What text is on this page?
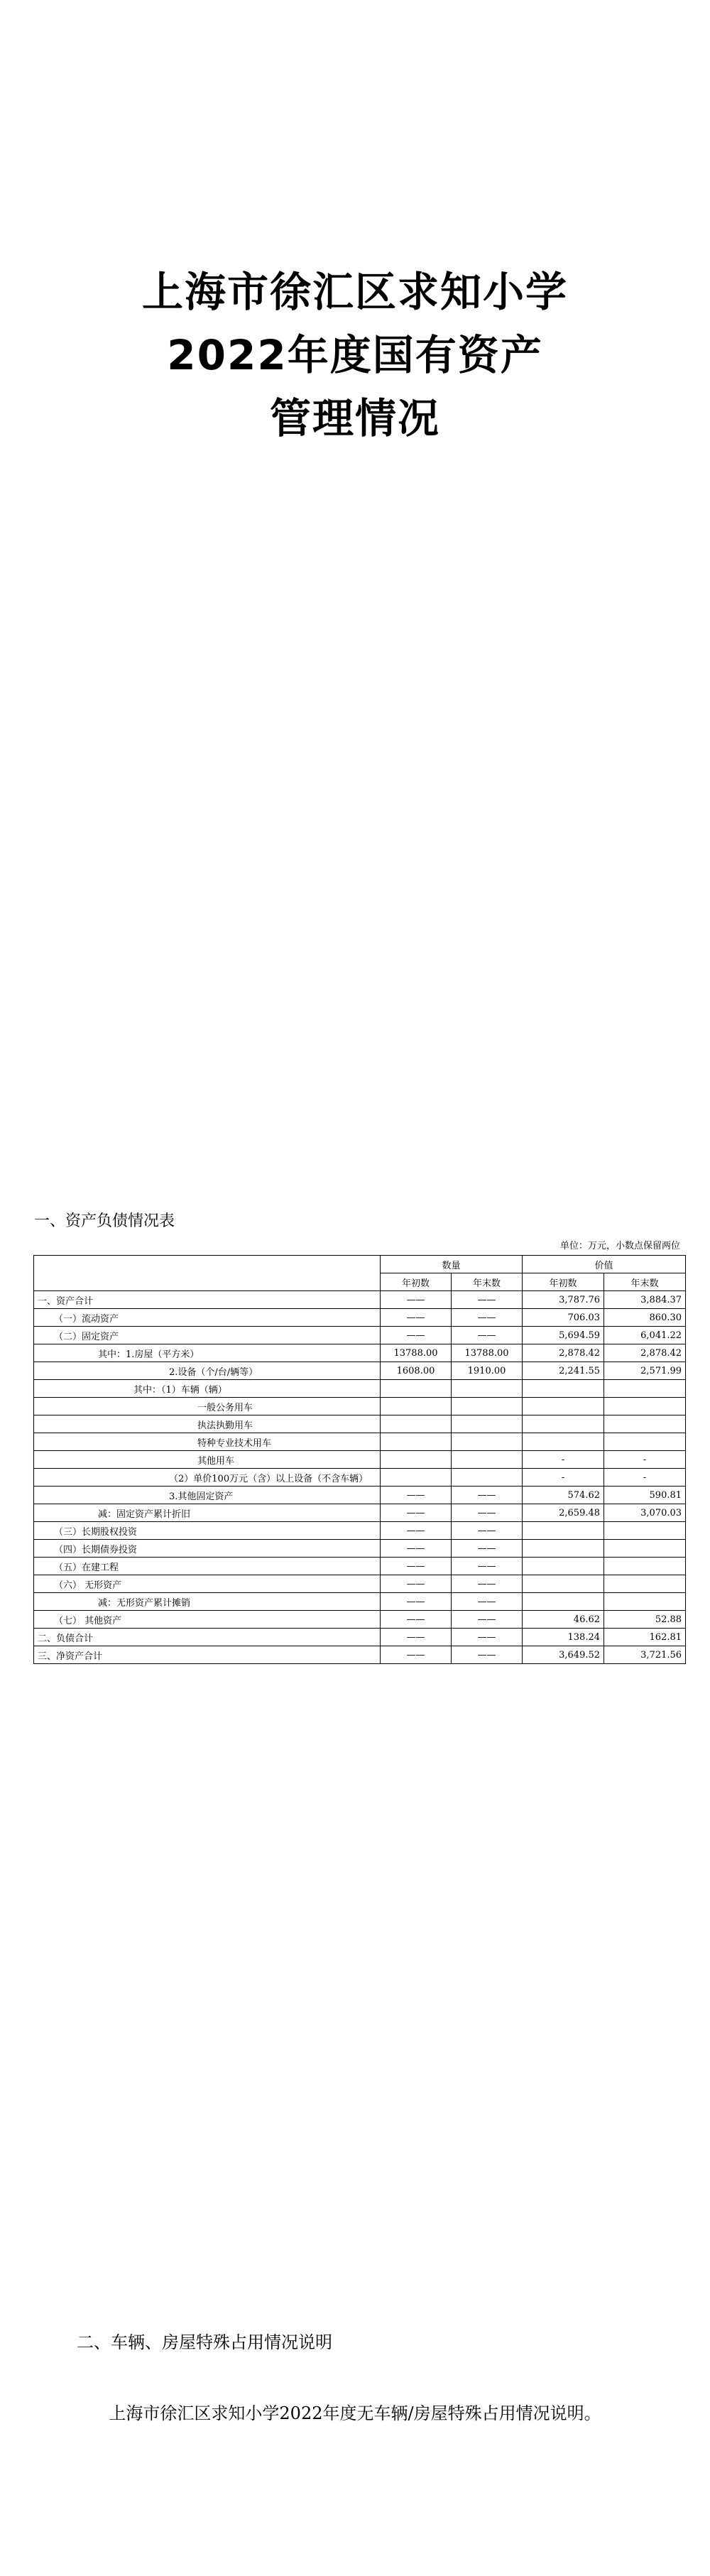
上海市徐汇区求知小学
2022年度国有资产
管理情况
一、资产负债情况表
单位：万元，小数点保留两位
	数量		价值	
	年初数	年末数	年初数	年末数
一、资产合计	——	——	3,787.76	3,884.37
（一）流动资产	——	——	706.03	860.30
（二）固定资产	——	——	5,694.59	6,041.22
其中：1.房屋（平方米）	13788.00	13788.00	2,878.42	2,878.42
2.设备（个/台/辆等）	1608.00	1910.00	2,241.55	2,571.99
其中：（1）车辆（辆）				
一般公务用车				
执法执勤用车				
特种专业技术用车				
其他用车			-	-
（2）单价100万元（含）以上设备（不含车辆）			-	-
3.其他固定资产	——	——	574.62	590.81
减：固定资产累计折旧	——	——	2,659.48	3,070.03
（三）长期股权投资	——	——		
（四）长期债券投资	——	——		
（五）在建工程	——	——		
（六） 无形资产	——	——		
减：无形资产累计摊销	——	——		
（七） 其他资产	——	——	46.62	52.88
二、负债合计	——	——	138.24	162.81
三、净资产合计	——	——	3,649.52	3,721.56
二、车辆、房屋特殊占用情况说明
上海市徐汇区求知小学2022年度无车辆/房屋特殊占用情况说明。
